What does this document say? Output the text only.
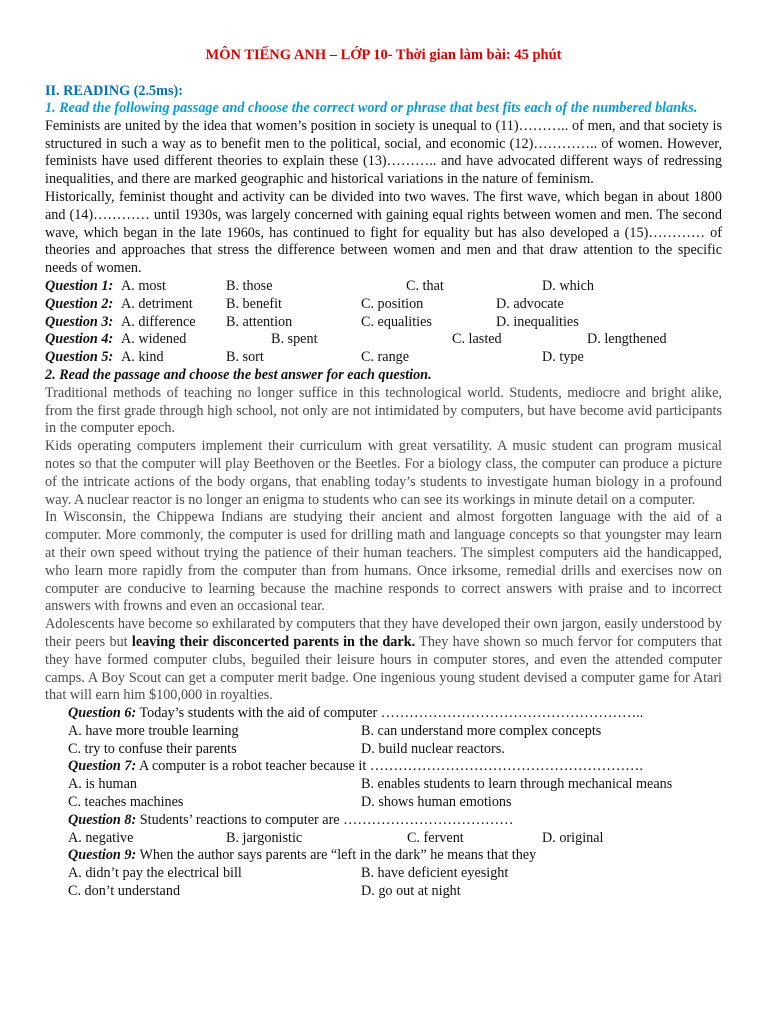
MÔN TIẾNG ANH – LỚP 10- Thời gian làm bài: 45 phút
II. READING (2.5ms):
1. Read the following passage and choose the correct word or phrase that best fits each of the numbered blanks.

Feminists are united by the idea that women’s position in society is unequal to (11)……….. of men, and that society is structured in such a way as to benefit men to the political, social, and economic (12)………….. of women. However, feminists have used different theories to explain these (13)……….. and have advocated different ways of redressing inequalities, and there are marked geographic and historical variations in the nature of feminism.

Historically, feminist thought and activity can be divided into two waves. The first wave, which began in about 1800 and (14)………… until 1930s, was largely concerned with gaining equal rights between women and men. The second wave, which began in the late 1960s, has continued to fight for equality but has also developed a (15)………… of theories and approaches that stress the difference between women and men and that draw attention to the specific needs of women.

Question 1: A. most	B. those	C. that	D. which
Question 2: A. detriment B. benefit	C. position	D. advocate
Question 3: A. difference B. attention	C. equalities	D. inequalities
Question 4: A. widened	B. spent	C. lasted	D. lengthened
Question 5: A. kind	B. sort	C. range	D. type
2. Read the passage and choose the best answer for each question.

Traditional methods of teaching no longer suffice in this technological world. Students, mediocre and bright alike, from the first grade through high school, not only are not intimidated by computers, but have become avid participants in the computer epoch.

Kids operating computers implement their curriculum with great versatility. A music student can program musical notes so that the computer will play Beethoven or the Beetles. For a biology class, the computer can produce a picture of the intricate actions of the body organs, that enabling today’s students to investigate human biology in a profound way. A nuclear reactor is no longer an enigma to students who can see its workings in minute detail on a computer.

In Wisconsin, the Chippewa Indians are studying their ancient and almost forgotten language with the aid of a computer. More commonly, the computer is used for drilling math and language concepts so that youngster may learn at their own speed without trying the patience of their human teachers. The simplest computers aid the handicapped, who learn more rapidly from the computer than from humans. Once irksome, remedial drills and exercises now on computer are conducive to learning because the machine responds to correct answers with praise and to incorrect answers with frowns and even an occasional tear.

Adolescents have become so exhilarated by computers that they have developed their own jargon, easily understood by their peers but leaving their disconcerted parents in the dark. They have shown so much fervor for computers that they have formed computer clubs, beguiled their leisure hours in computer stores, and even the attended computer camps. A Boy Scout can get a computer merit badge. One ingenious young student devised a computer game for Atari that will earn him $100,000 in royalties.

Question 6: Today’s students with the aid of computer ………………………………………………..
A. have more trouble learning	B. can understand more complex concepts
C. try to confuse their parents	D. build nuclear reactors.
Question 7: A computer is a robot teacher because it ………………………………………………….
A. is human	B. enables students to learn through mechanical means
C. teaches machines	D. shows human emotions
Question 8: Students’ reactions to computer are ………………………………
A. negative	B. jargonistic	C. fervent	D. original
Question 9: When the author says parents are “left in the dark” he means that they
A. didn’t pay the electrical bill	B. have deficient eyesight
C. don’t understand	D. go out at night
